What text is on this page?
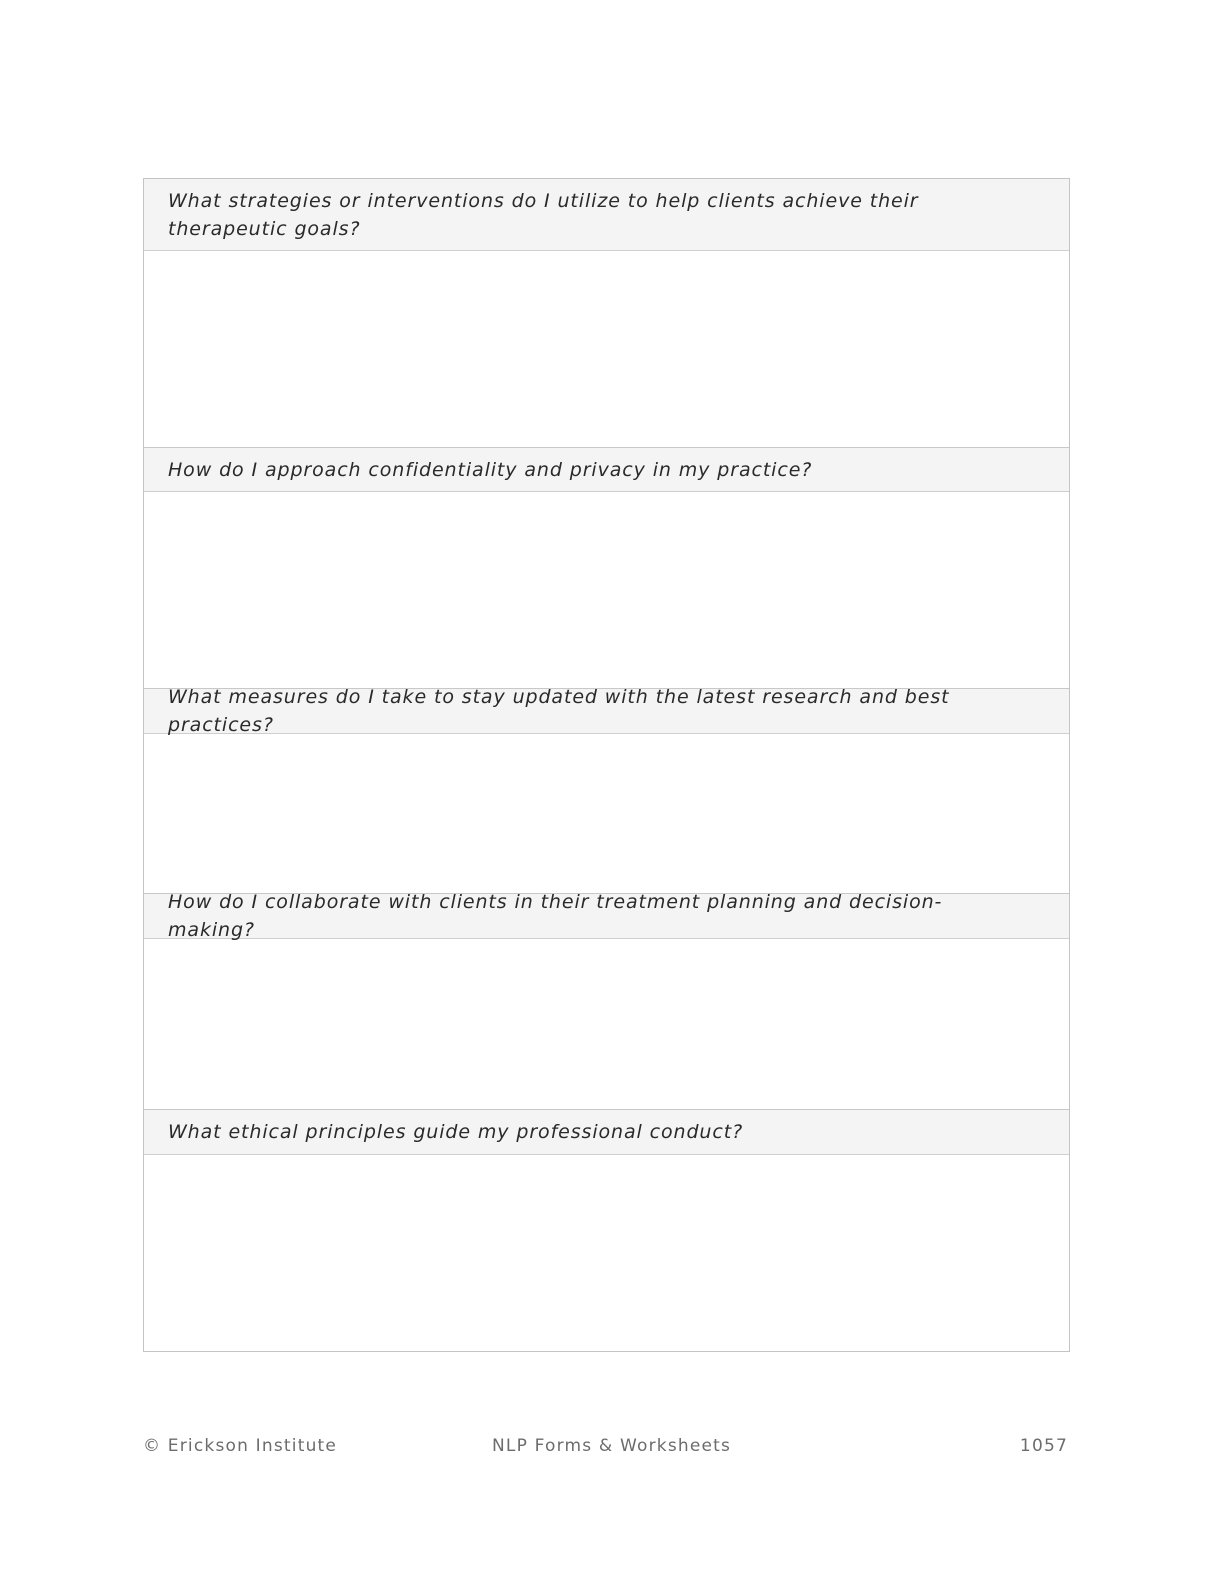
What strategies or interventions do I utilize to help clients achieve their therapeutic goals?
How do I approach confidentiality and privacy in my practice?
What measures do I take to stay updated with the latest research and best practices?
How do I collaborate with clients in their treatment planning and decision-making?
What ethical principles guide my professional conduct?
© Erickson Institute	NLP Forms & Worksheets	1057
